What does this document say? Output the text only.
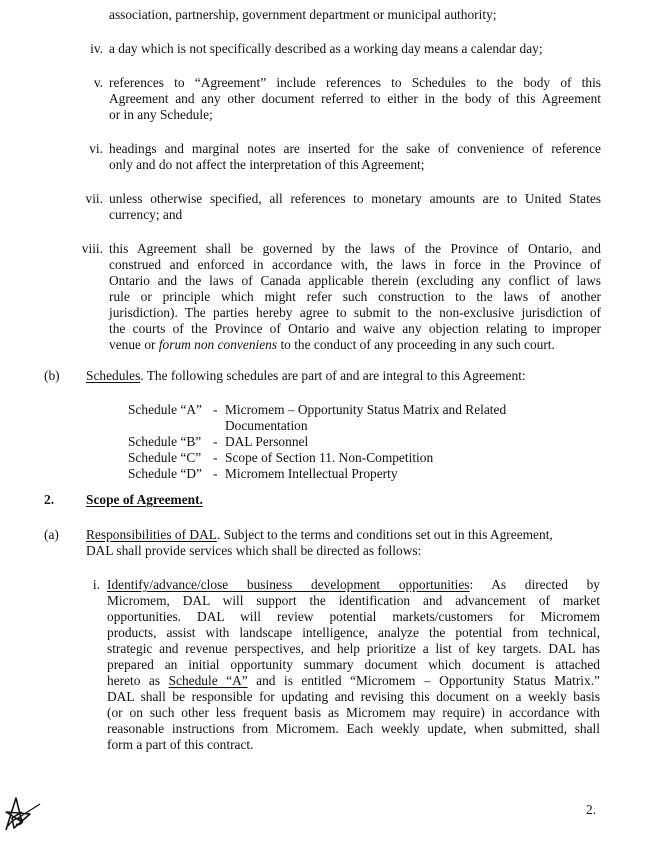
association, partnership, government department or municipal authority;
iv. a day which is not specifically described as a working day means a calendar day;
v. references to “Agreement” include references to Schedules to the body of this
Agreement and any other document referred to either in the body of this Agreement
or in any Schedule;
vi. headings and marginal notes are inserted for the sake of convenience of reference
only and do not affect the interpretation of this Agreement;
vii. unless otherwise specified, all references to monetary amounts are to United States
currency; and
viii. this Agreement shall be governed by the laws of the Province of Ontario, and
construed and enforced in accordance with, the laws in force in the Province of
Ontario and the laws of Canada applicable therein (excluding any conflict of laws
rule or principle which might refer such construction to the laws of another
jurisdiction). The parties hereby agree to submit to the non-exclusive jurisdiction of
the courts of the Province of Ontario and waive any objection relating to improper
venue or forum non conveniens to the conduct of any proceeding in any such court.
(b) Schedules. The following schedules are part of and are integral to this Agreement:
Schedule “A” - Micromem – Opportunity Status Matrix and Related
Documentation
Schedule “B” - DAL Personnel
Schedule “C” - Scope of Section 11. Non-Competition
Schedule “D” - Micromem Intellectual Property
2. Scope of Agreement.
(a) Responsibilities of DAL. Subject to the terms and conditions set out in this Agreement,
DAL shall provide services which shall be directed as follows:
i. Identify/advance/close business development opportunities: As directed by
Micromem, DAL will support the identification and advancement of market
opportunities. DAL will review potential markets/customers for Micromem
products, assist with landscape intelligence, analyze the potential from technical,
strategic and revenue perspectives, and help prioritize a list of key targets. DAL has
prepared an initial opportunity summary document which document is attached
hereto as Schedule “A” and is entitled “Micromem – Opportunity Status Matrix.”
DAL shall be responsible for updating and revising this document on a weekly basis
(or on such other less frequent basis as Micromem may require) in accordance with
reasonable instructions from Micromem. Each weekly update, when submitted, shall
form a part of this contract.
2.
